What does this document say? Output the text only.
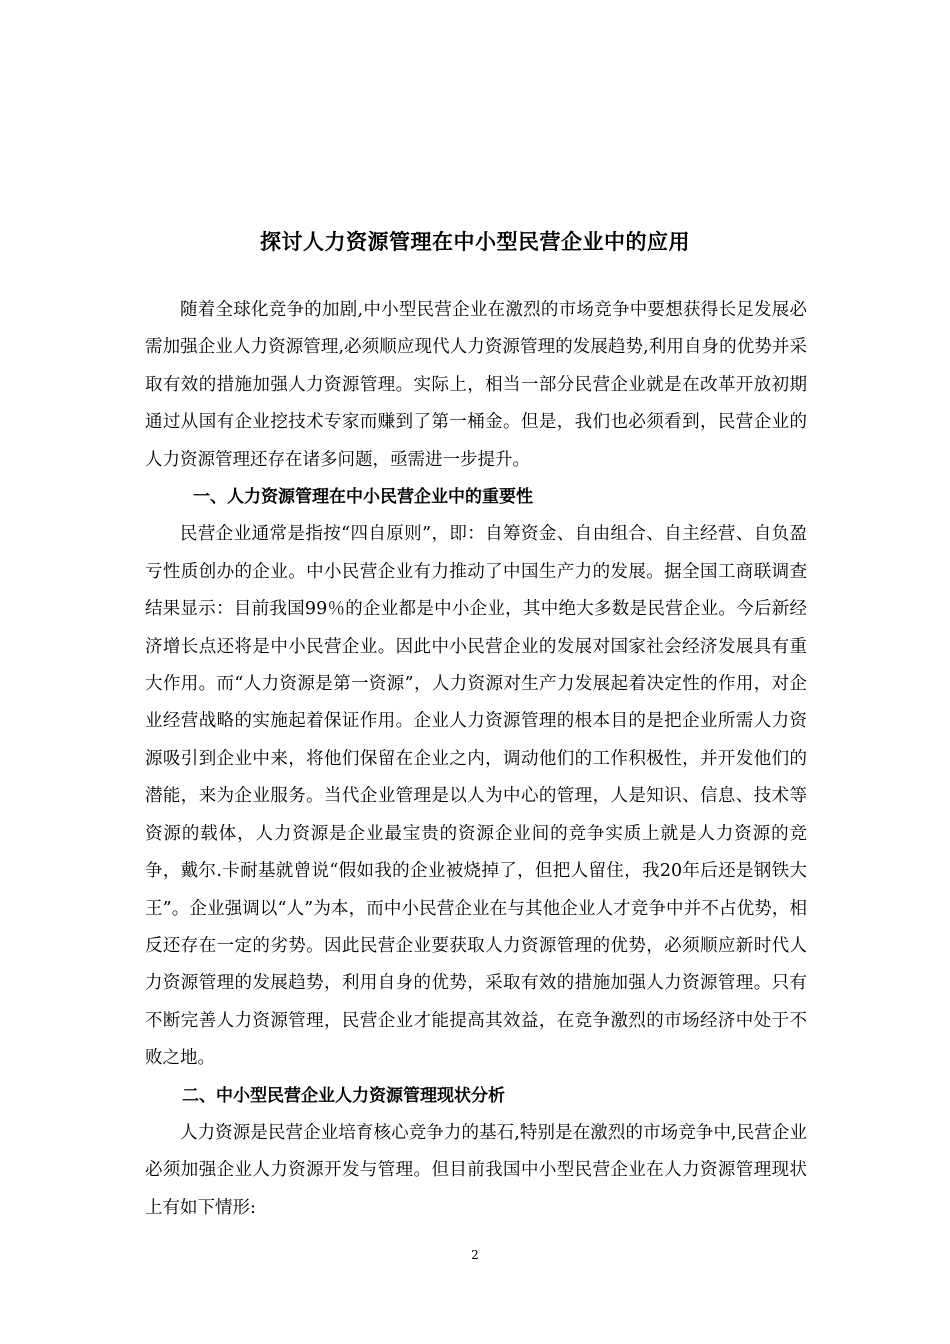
探讨人力资源管理在中小型民营企业中的应用

随着全球化竞争的加剧,中小型民营企业在激烈的市场竞争中要想获得长足发展必需加强企业人力资源管理,必须顺应现代人力资源管理的发展趋势,利用自身的优势并采取有效的措施加强人力资源管理。实际上，相当一部分民营企业就是在改革开放初期通过从国有企业挖技术专家而赚到了第一桶金。但是，我们也必须看到，民营企业的人力资源管理还存在诸多问题，亟需进一步提升。

一、人力资源管理在中小民营企业中的重要性

民营企业通常是指按“四自原则”，即：自筹资金、自由组合、自主经营、自负盈亏性质创办的企业。中小民营企业有力推动了中国生产力的发展。据全国工商联调查结果显示：目前我国99％的企业都是中小企业，其中绝大多数是民营企业。今后新经济增长点还将是中小民营企业。因此中小民营企业的发展对国家社会经济发展具有重大作用。而“人力资源是第一资源”，人力资源对生产力发展起着决定性的作用，对企业经营战略的实施起着保证作用。企业人力资源管理的根本目的是把企业所需人力资源吸引到企业中来，将他们保留在企业之内，调动他们的工作积极性，并开发他们的潜能，来为企业服务。当代企业管理是以人为中心的管理，人是知识、信息、技术等资源的载体，人力资源是企业最宝贵的资源企业间的竞争实质上就是人力资源的竞争，戴尔.卡耐基就曾说“假如我的企业被烧掉了，但把人留住，我20年后还是钢铁大王”。企业强调以“人”为本，而中小民营企业在与其他企业人才竞争中并不占优势，相反还存在一定的劣势。因此民营企业要获取人力资源管理的优势，必须顺应新时代人力资源管理的发展趋势，利用自身的优势，采取有效的措施加强人力资源管理。只有不断完善人力资源管理，民营企业才能提高其效益，在竞争激烈的市场经济中处于不败之地。

二、中小型民营企业人力资源管理现状分析

人力资源是民营企业培育核心竞争力的基石,特别是在激烈的市场竞争中,民营企业必须加强企业人力资源开发与管理。但目前我国中小型民营企业在人力资源管理现状上有如下情形:

2
